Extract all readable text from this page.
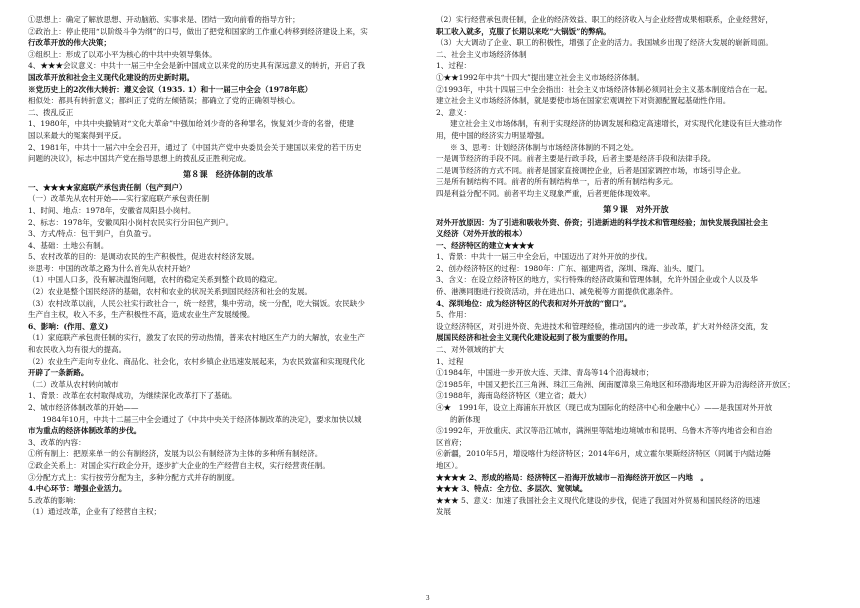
①思想上：确定了解放思想、开动脑筋、实事求是、团结一致向前看的指导方针；

②政治上：停止使用“以阶级斗争为纲”的口号，做出了把党和国家的工作重心转移到经济建设上来，实

行改革开放的伟大决策；

③组织上：形成了以邓小平为核心的中共中央领导集体。

4、★★★会议意义：中共十一届三中全会是新中国成立以来党的历史具有深远意义的转折，开启了我

国改革开放和社会主义现代化建设的历史新时期。

※党历史上的2次伟大转折：遵义会议（1935. 1）和十一届三中全会（1978年底）

相似处：都具有转折意义；都纠正了党的左倾错误；都确立了党的正确领导核心。

二、拨乱反正

1、1980年，中共中央撤销对“文化大革命”中强加给刘少奇的各种罪名，恢复刘少奇的名誉，使建

国以来最大的冤案得到平反。

2、1981年，中共十一届六中全会召开，通过了《中国共产党中央委员会关于建国以来党的若干历史

问题的决议》，标志中国共产党在指导思想上的拨乱反正胜利完成。

第８课　经济体制的改革

一、★★★★家庭联产承包责任制（包产到户）

（一）改革先从农村开始——实行家庭联产承包责任制

1、时间、地点：1978年，安徽省凤阳县小岗村。

2、标志：1978年，安徽凤阳小岗村农民实行分田包产到户。

3、方式/特点：包干到户，自负盈亏。

4、基础：土地公有制。

5、农村改革的目的：是调动农民的生产积极性，促进农村经济发展。

※思考：中国的改革之路为什么首先从农村开始？

（1）中国人口多，没有解决温饱问题，农村的稳定关系到整个政局的稳定。

（2）农业是整个国民经济的基础，农村和农业的状况关系到国民经济和社会的发展。

（3）农村改革以前，人民公社实行政社合一，统一经营，集中劳动，统一分配，吃大锅饭。农民缺少

生产自主权，收入不多，生产积极性不高，造成农业生产发展缓慢。

6、影响：(作用、意义)

（1）家庭联产承包责任制的实行，激发了农民的劳动热情，普来农村地区生产力的大解放，农业生产

和农民收入均有很大的提高。

（2）农业生产走向专业化、商品化、社会化，农村乡镇企业迅速发展起来，为农民致富和实现现代化

开辟了一条新路。

（二）改革从农村转向城市

1、背景：改革在农村取得成功，为继续深化改革打下了基础。

2、城市经济体制改革的开始——

1984年10月，中共十二届三中全会通过了《中共中央关于经济体制改革的决定》，要求加快以城

市为重点的经济体制改革的步伐。

3、改革的内容：

①所有制上：把原来单一的公有制经济，发展为以公有制经济为主体的多种所有制经济。

②政企关系上：对国企实行政企分开，逐步扩大企业的生产经营自主权，实行经营责任制。

③分配方式上：实行按劳分配为主，多种分配方式并存的制度。

4.中心环节：增强企业活力。

5.改革的影响：

（1）通过改革，企业有了经营自主权；

（2）实行经营承包责任制，企业的经济效益、职工的经济收入与企业经营成果相联系，企业经营好，

职工收入就多，克服了长期以来吃“大锅饭”的弊病。

（3）大大调动了企业、职工的积极性，增强了企业的活力。我国城乡出现了经济大发展的崭新局面。

二、社会主义市场经济体制

1、过程：

①★★1992年中共“十四大”提出建立社会主义市场经济体制。

②1993年，中共十四届三中全会指出：社会主义市场经济体制必须同社会主义基本制度结合在一起。

建立社会主义市场经济体制，就是要使市场在国家宏观调控下对资源配置起基础性作用。

2、意义：

建立社会主义市场体制，有利于实现经济的协调发展和稳定高速增长，对实现代化建设有巨大推动作

用，使中国的经济实力明显增强。

※ 3、思考：计划经济体制与市场经济体制的不同之处。

一是调节经济的手段不同。前者主要是行政手段，后者主要是经济手段和法律手段。

二是调节经济的方式不同。前者是国家直接调控企业，后者是国家调控市场，市场引导企业。

三是所有制结构不同。前者的所有制结构单一，后者的所有制结构多元。

四是利益分配不同。前者平均主义现象严重，后者更能体现效率。

第９课　对外开放

对外开放原因：为了引进和吸收外资、侨资；引进新进的科学技术和管理经验；加快发展我国社会主

义经济（对外开放的根本）

一、经济特区的建立★★★★

1、背景：中共十一届三中全会后，中国迈出了对外开放的步伐。

2、创办经济特区的过程：1980年：广东、福建两省，深圳、珠海、汕头、厦门。

3、含义：在设立经济特区的地方，实行特殊的经济政策和管理体制，允许外国企业或个人以及华

侨、港澳同胞进行投资活动，并在进出口、减免税等方面提供优惠条件。

4、深圳地位：成为经济特区的代表和对外开放的“窗口”。

5、作用：

设立经济特区，对引进外资、先进技术和管理经验，推动国内的进一步改革，扩大对外经济交流，发

展国民经济和社会主义现代化建设起到了极为重要的作用。

二、对外领域的扩大

1、过程

①1984年，中国进一步开放大连、天津、青岛等14个沿海城市；

②1985年，中国又把长江三角洲、珠江三角洲、闽南厦漳泉三角地区和环渤海地区开辟为沿海经济开放区；

③1988年，海南岛经济特区（建立省；最大）

④★　1991年，设立上海浦东开放区（现已成为国际化的经济中心和金融中心）——是我国对外开放

的新体现

⑤1992年，开放重庆、武汉等沿江城市，满洲里等陆地边境城市和昆明、乌鲁木齐等内地省会和自治

区首府；

⑥新疆，2010年5月，增设喀什为经济特区；2014年6月，成立霍尔果斯经济特区（同属于内陆边陲

地区）。

★★★★ 2、形成的格局：经济特区－沿海开放城市－沿海经济开放区－内地　。

★★★ 3、特点：全方位、多层次、宽领域。

★★★ 5、意义：加速了我国社会主义现代化建设的步伐，促进了我国对外贸易和国民经济的迅速

发展

3
